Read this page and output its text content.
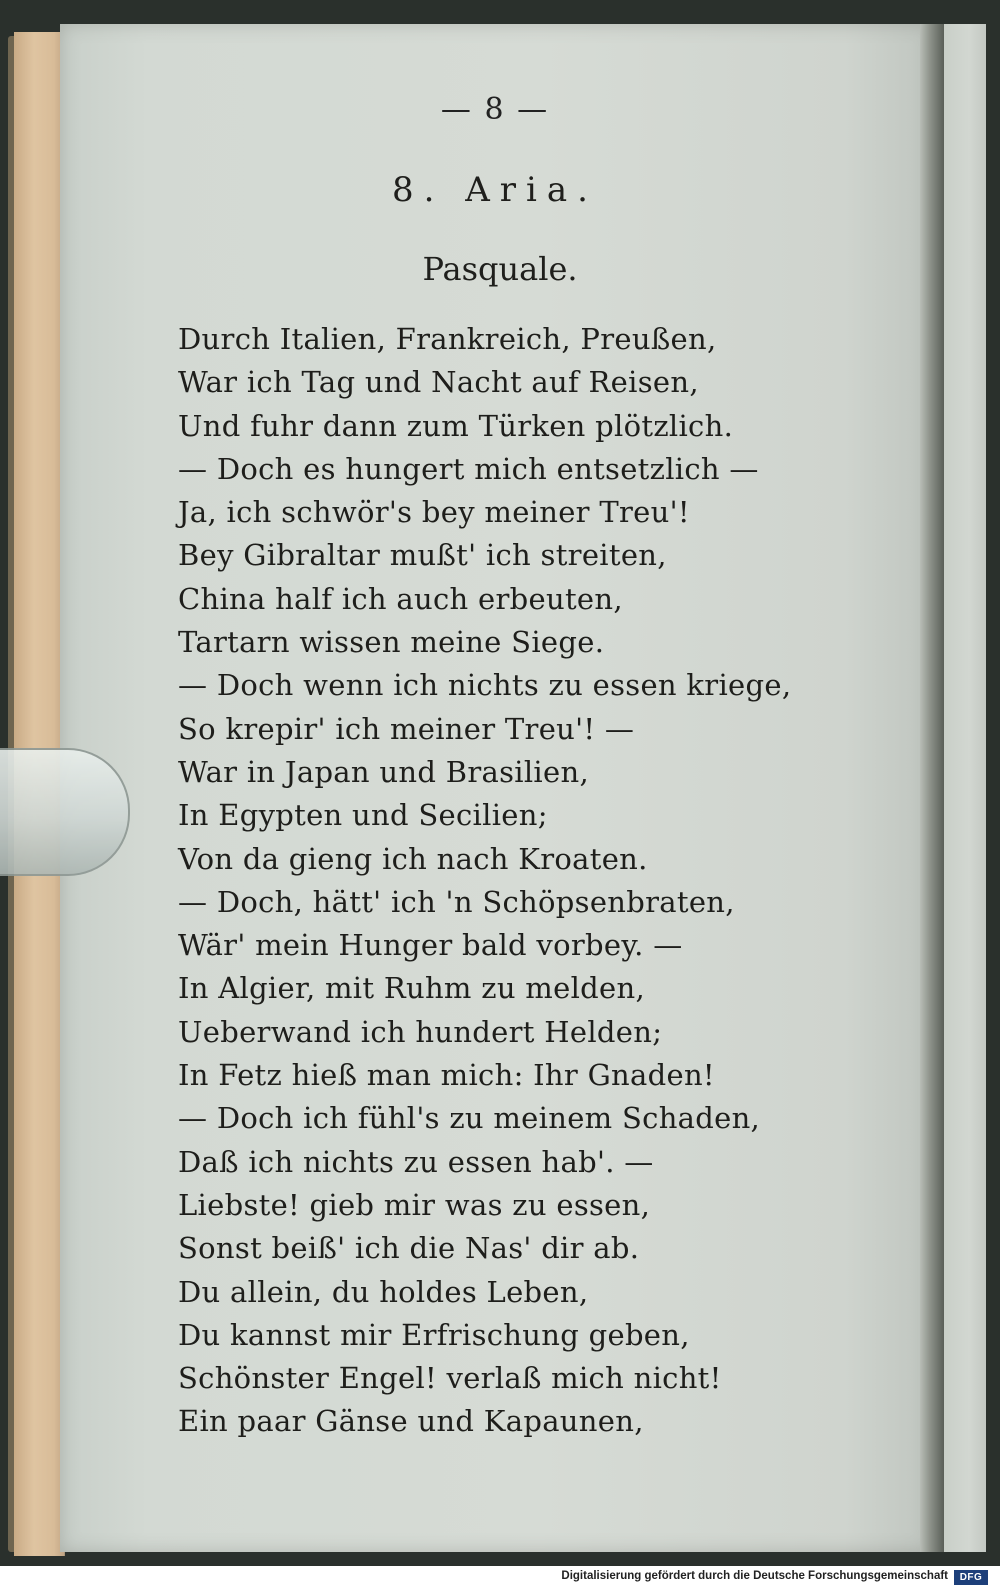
— 8 —
8. Aria.
Pasquale.
Durch Italien, Frankreich, Preußen,
War ich Tag und Nacht auf Reisen,
Und fuhr dann zum Türken plötzlich.
— Doch es hungert mich entsetzlich —
Ja, ich schwör's bey meiner Treu'!
Bey Gibraltar mußt' ich streiten,
China half ich auch erbeuten,
Tartarn wissen meine Siege.
— Doch wenn ich nichts zu essen kriege,
So krepir' ich meiner Treu'! —
War in Japan und Brasilien,
In Egypten und Secilien;
Von da gieng ich nach Kroaten.
— Doch, hätt' ich 'n Schöpsenbraten,
Wär' mein Hunger bald vorbey. —
In Algier, mit Ruhm zu melden,
Ueberwand ich hundert Helden;
In Fetz hieß man mich: Ihr Gnaden!
— Doch ich fühl's zu meinem Schaden,
Daß ich nichts zu essen hab'. —
Liebste! gieb mir was zu essen,
Sonst beiß' ich die Nas' dir ab.
Du allein, du holdes Leben,
Du kannst mir Erfrischung geben,
Schönster Engel! verlaß mich nicht!
Ein paar Gänse und Kapaunen,
Digitalisierung gefördert durch die Deutsche Forschungsgemeinschaft	DFG
